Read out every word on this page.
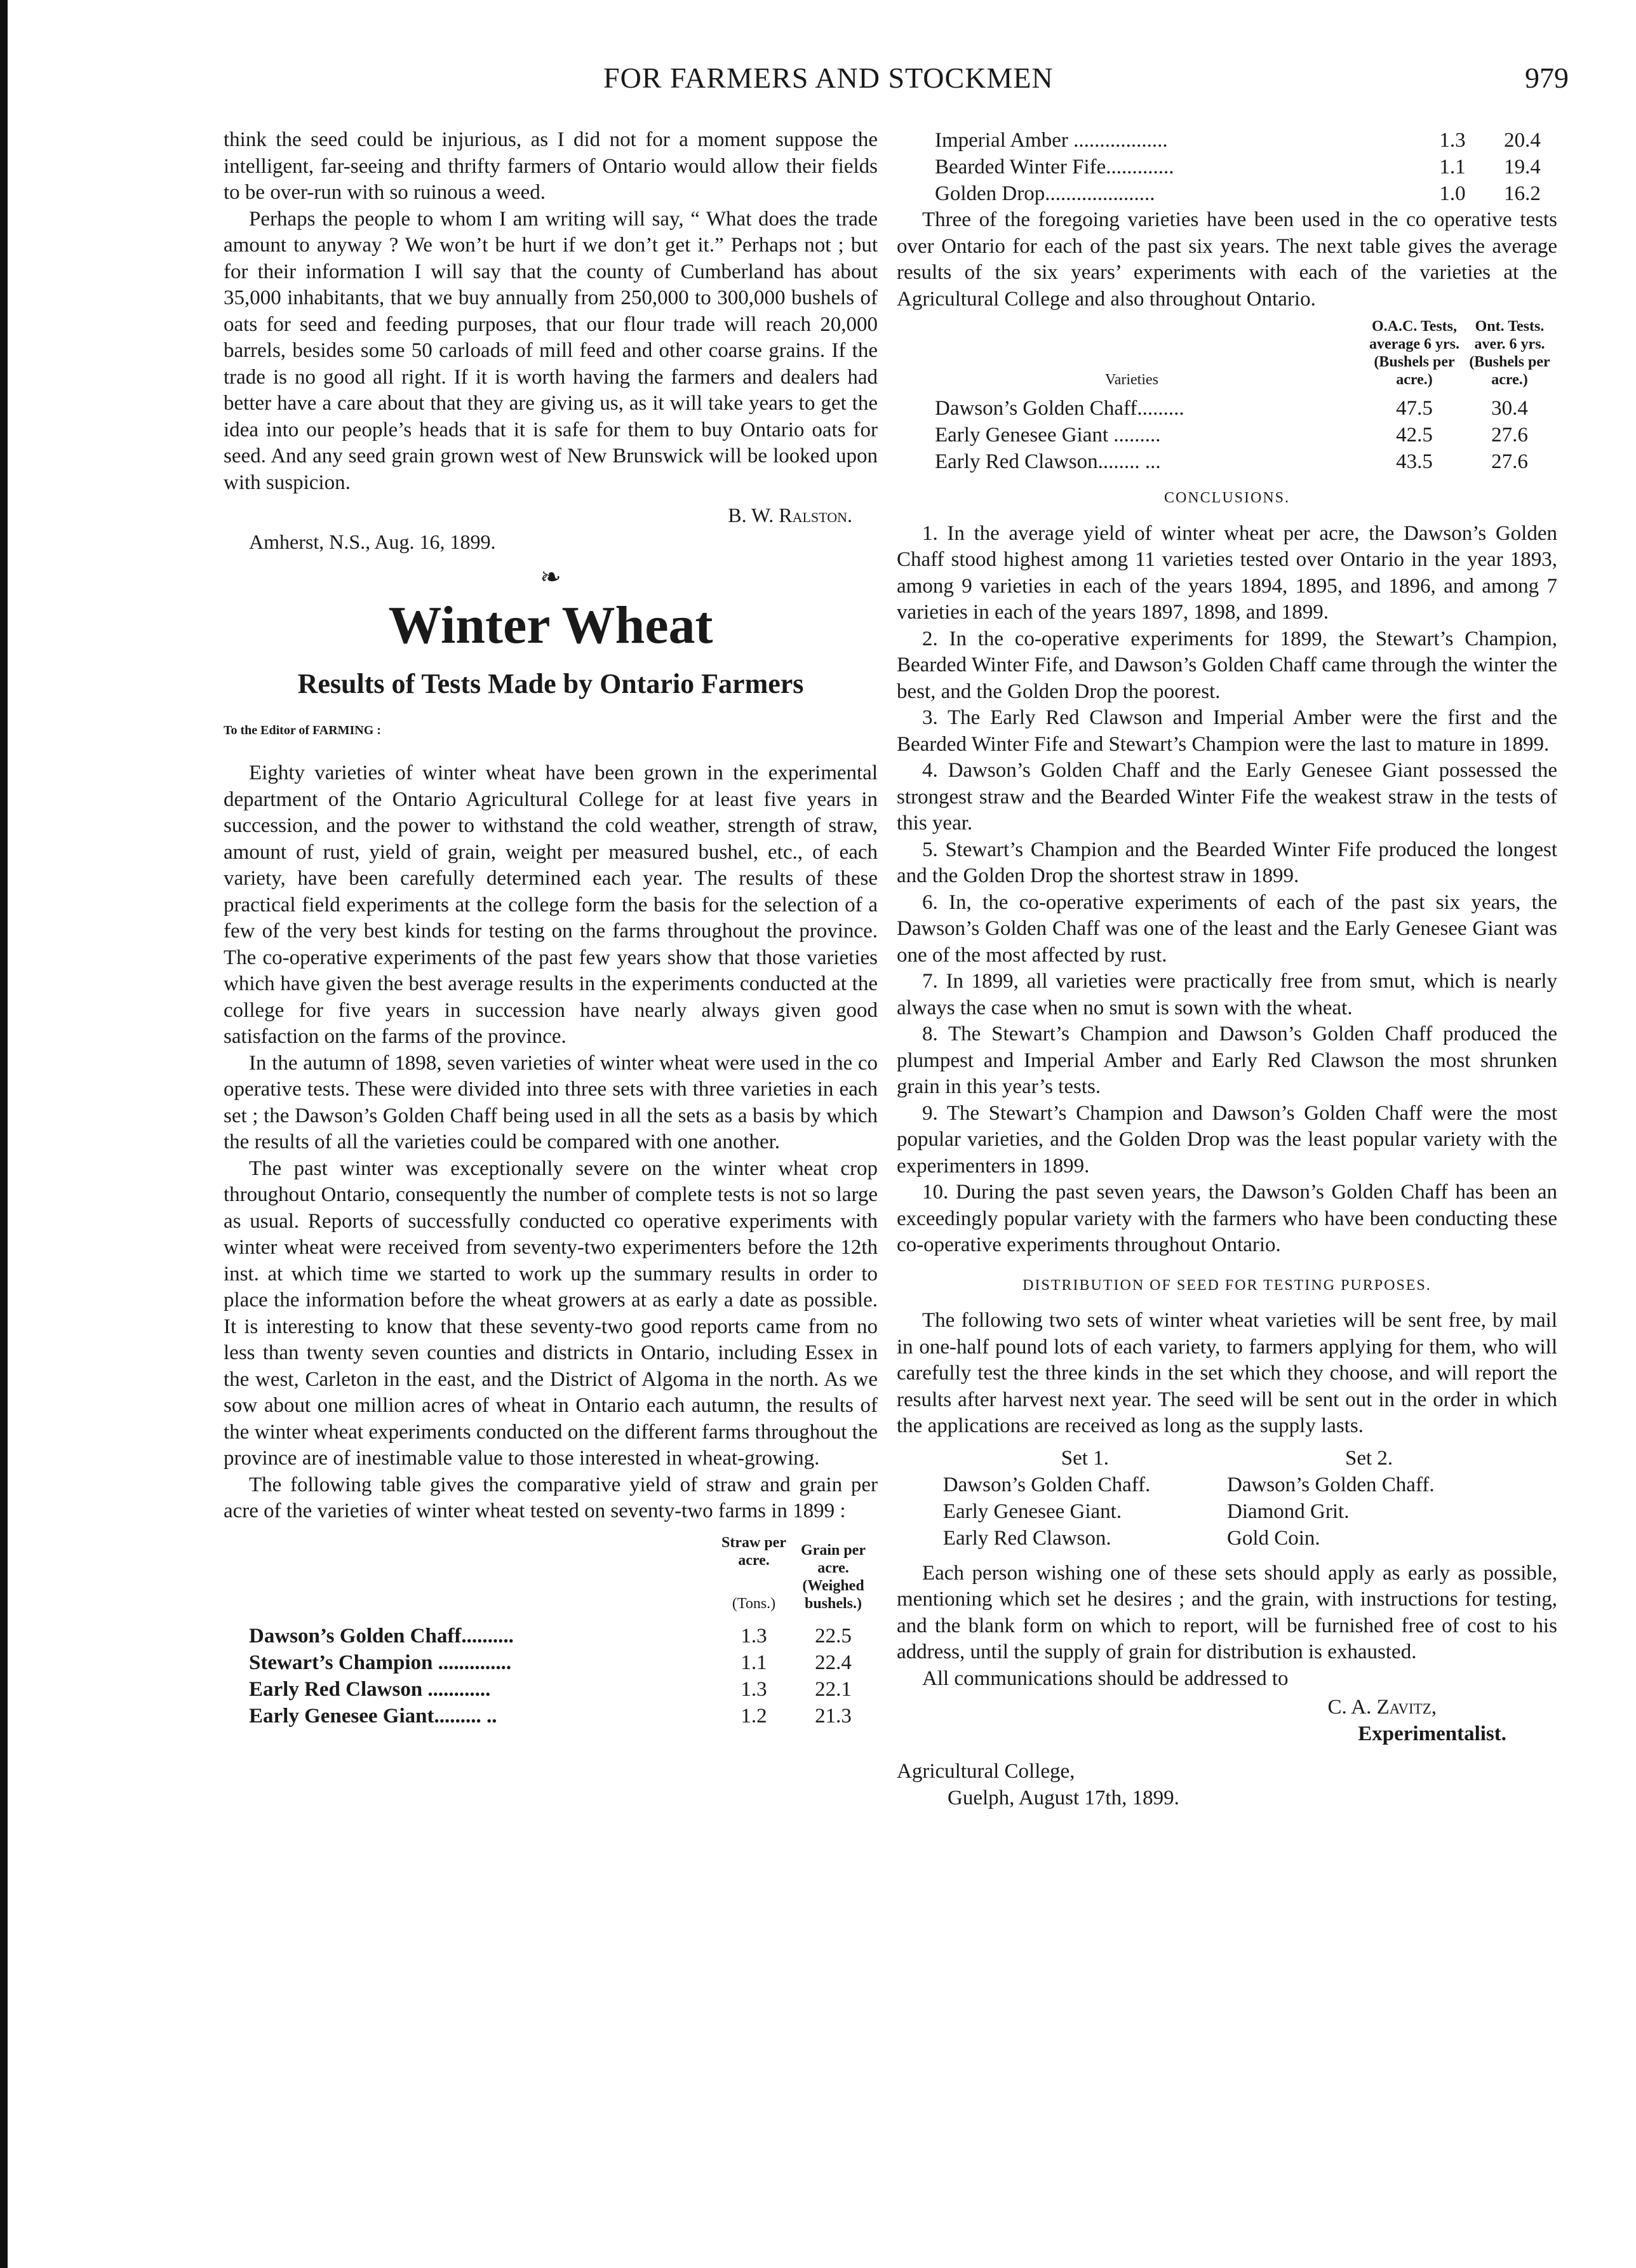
FOR FARMERS AND STOCKMEN	979

think the seed could be injurious, as I did not for a moment suppose the intelligent, far-seeing and thrifty farmers of Ontario would allow their fields to be over-run with so ruinous a weed.

Perhaps the people to whom I am writing will say, “ What does the trade amount to anyway ? We won’t be hurt if we don’t get it.” Perhaps not ; but for their information I will say that the county of Cumberland has about 35,000 inhabitants, that we buy annually from 250,000 to 300,000 bushels of oats for seed and feeding purposes, that our flour trade will reach 20,000 barrels, besides some 50 carloads of mill feed and other coarse grains. If the trade is no good all right. If it is worth having the farmers and dealers had better have a care about that they are giving us, as it will take years to get the idea into our people’s heads that it is safe for them to buy Ontario oats for seed. And any seed grain grown west of New Brunswick will be looked upon with suspicion.

B. W. Ralston.
Amherst, N.S., Aug. 16, 1899.
❧
Winter Wheat
Results of Tests Made by Ontario Farmers
To the Editor of FARMING :

Eighty varieties of winter wheat have been grown in the experimental department of the Ontario Agricultural College for at least five years in succession, and the power to withstand the cold weather, strength of straw, amount of rust, yield of grain, weight per measured bushel, etc., of each variety, have been carefully determined each year. The results of these practical field experiments at the college form the basis for the selection of a few of the very best kinds for testing on the farms throughout the province. The co-operative experiments of the past few years show that those varieties which have given the best average results in the experiments conducted at the college for five years in succession have nearly always given good satisfaction on the farms of the province.

In the autumn of 1898, seven varieties of winter wheat were used in the co operative tests. These were divided into three sets with three varieties in each set ; the Dawson’s Golden Chaff being used in all the sets as a basis by which the results of all the varieties could be compared with one another.

The past winter was exceptionally severe on the winter wheat crop throughout Ontario, consequently the number of complete tests is not so large as usual. Reports of successfully conducted co operative experiments with winter wheat were received from seventy-two experimenters before the 12th inst. at which time we started to work up the summary results in order to place the information before the wheat growers at as early a date as possible. It is interesting to know that these seventy-two good reports came from no less than twenty seven counties and districts in Ontario, including Essex in the west, Carleton in the east, and the District of Algoma in the north. As we sow about one million acres of wheat in Ontario each autumn, the results of the winter wheat experiments conducted on the different farms throughout the province are of inestimable value to those interested in wheat-growing.

The following table gives the comparative yield of straw and grain per acre of the varieties of winter wheat tested on seventy-two farms in 1899 :

	Straw per acre.
(Tons.)	Grain per acre. (Weighed bushels.)

Dawson’s Golden Chaff..........	1.3	22.5
Stewart’s Champion ..............	1.1	22.4
Early Red Clawson ............	1.3	22.1
Early Genesee Giant......... ..	1.2	21.3
Imperial Amber ..................	1.3	20.4
Bearded Winter Fife.............	1.1	19.4
Golden Drop.....................	1.0	16.2

Three of the foregoing varieties have been used in the co operative tests over Ontario for each of the past six years. The next table gives the average results of the six years’ experiments with each of the varieties at the Agricultural College and also throughout Ontario.

Varieties	O.A.C. Tests, average 6 yrs. (Bushels per acre.)	Ont. Tests. aver. 6 yrs. (Bushels per acre.)

Dawson’s Golden Chaff.........	47.5	30.4
Early Genesee Giant .........	42.5	27.6
Early Red Clawson........ ...	43.5	27.6
CONCLUSIONS.

1. In the average yield of winter wheat per acre, the Dawson’s Golden Chaff stood highest among 11 varieties tested over Ontario in the year 1893, among 9 varieties in each of the years 1894, 1895, and 1896, and among 7 varieties in each of the years 1897, 1898, and 1899.

2. In the co-operative experiments for 1899, the Stewart’s Champion, Bearded Winter Fife, and Dawson’s Golden Chaff came through the winter the best, and the Golden Drop the poorest.

3. The Early Red Clawson and Imperial Amber were the first and the Bearded Winter Fife and Stewart’s Champion were the last to mature in 1899.

4. Dawson’s Golden Chaff and the Early Genesee Giant possessed the strongest straw and the Bearded Winter Fife the weakest straw in the tests of this year.

5. Stewart’s Champion and the Bearded Winter Fife produced the longest and the Golden Drop the shortest straw in 1899.

6. In, the co-operative experiments of each of the past six years, the Dawson’s Golden Chaff was one of the least and the Early Genesee Giant was one of the most affected by rust.

7. In 1899, all varieties were practically free from smut, which is nearly always the case when no smut is sown with the wheat.

8. The Stewart’s Champion and Dawson’s Golden Chaff produced the plumpest and Imperial Amber and Early Red Clawson the most shrunken grain in this year’s tests.

9. The Stewart’s Champion and Dawson’s Golden Chaff were the most popular varieties, and the Golden Drop was the least popular variety with the experimenters in 1899.

10. During the past seven years, the Dawson’s Golden Chaff has been an exceedingly popular variety with the farmers who have been conducting these co-operative experiments throughout Ontario.

DISTRIBUTION OF SEED FOR TESTING PURPOSES.

The following two sets of winter wheat varieties will be sent free, by mail in one-half pound lots of each variety, to farmers applying for them, who will carefully test the three kinds in the set which they choose, and will report the results after harvest next year. The seed will be sent out in the order in which the applications are received as long as the supply lasts.

Set 1.	Set 2.
Dawson’s Golden Chaff.	Dawson’s Golden Chaff.
Early Genesee Giant.	Diamond Grit.
Early Red Clawson.	Gold Coin.

Each person wishing one of these sets should apply as early as possible, mentioning which set he desires ; and the grain, with instructions for testing, and the blank form on which to report, will be furnished free of cost to his address, until the supply of grain for distribution is exhausted.

All communications should be addressed to

C. A. Zavitz,
Experimentalist.
Agricultural College,
Guelph, August 17th, 1899.
